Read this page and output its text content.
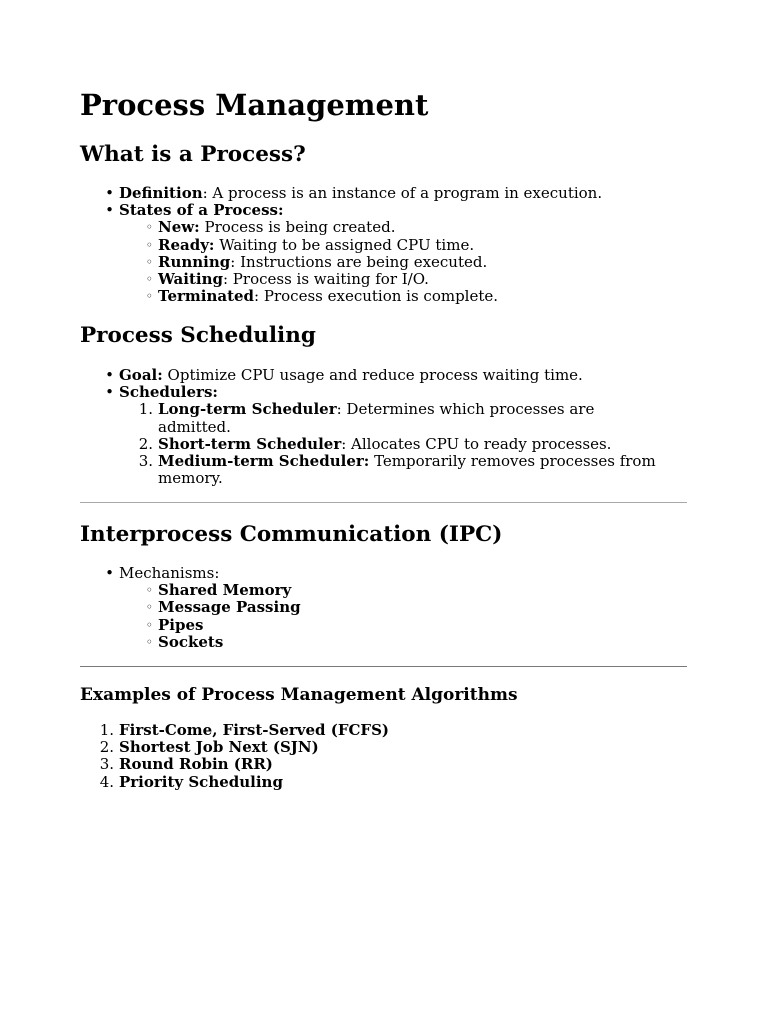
Process Management
What is a Process?
• Definition: A process is an instance of a program in execution.
• States of a Process:
◦ New: Process is being created.
◦ Ready: Waiting to be assigned CPU time.
◦ Running: Instructions are being executed.
◦ Waiting: Process is waiting for I/O.
◦ Terminated: Process execution is complete.
Process Scheduling
• Goal: Optimize CPU usage and reduce process waiting time.
• Schedulers:
1. Long-term Scheduler: Determines which processes are
admitted.
2. Short-term Scheduler: Allocates CPU to ready processes.
3. Medium-term Scheduler: Temporarily removes processes from
memory.
Interprocess Communication (IPC)
• Mechanisms:
◦ Shared Memory
◦ Message Passing
◦ Pipes
◦ Sockets
Examples of Process Management Algorithms
1. First-Come, First-Served (FCFS)
2. Shortest Job Next (SJN)
3. Round Robin (RR)
4. Priority Scheduling
